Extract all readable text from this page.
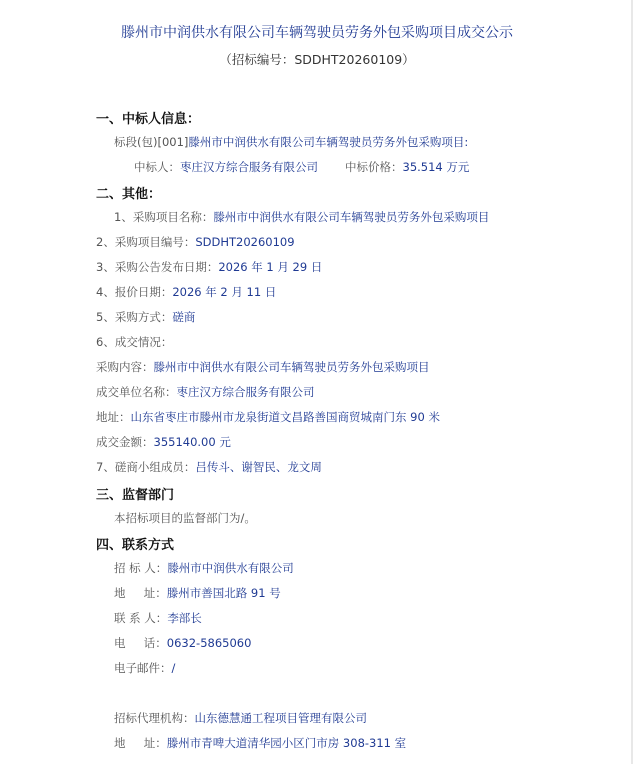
滕州市中润供水有限公司车辆驾驶员劳务外包采购项目成交公示
（招标编号：SDDHT20260109）
一、中标人信息：
标段(包)[001]滕州市中润供水有限公司车辆驾驶员劳务外包采购项目:
中标人：枣庄汉方综合服务有限公司 中标价格：35.514 万元
二、其他：
1、采购项目名称：滕州市中润供水有限公司车辆驾驶员劳务外包采购项目
2、采购项目编号：SDDHT20260109
3、采购公告发布日期：2026 年 1 月 29 日
4、报价日期：2026 年 2 月 11 日
5、采购方式：磋商
6、成交情况：
采购内容：滕州市中润供水有限公司车辆驾驶员劳务外包采购项目
成交单位名称：枣庄汉方综合服务有限公司
地址：山东省枣庄市滕州市龙泉街道文昌路善国商贸城南门东 90 米
成交金额：355140.00 元
7、磋商小组成员：吕传斗、谢智民、龙文周
三、监督部门
本招标项目的监督部门为/。
四、联系方式
招 标 人：滕州市中润供水有限公司
地     址：滕州市善国北路 91 号
联 系 人：李部长
电     话：0632-5865060
电子邮件：/
招标代理机构：山东德慧通工程项目管理有限公司
地     址：滕州市青啤大道清华园小区门市房 308-311 室
